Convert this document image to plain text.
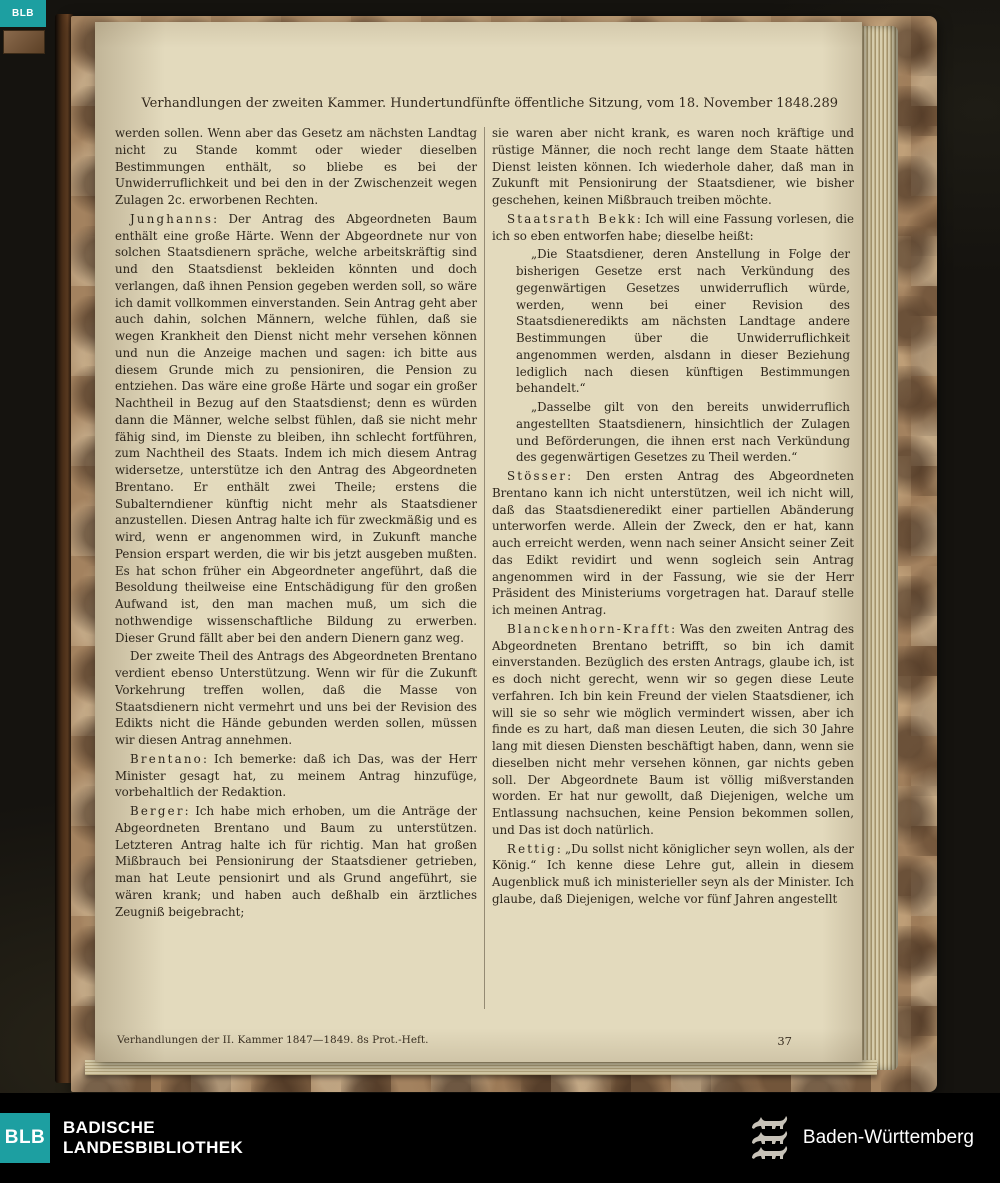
BLB
Verhandlungen der zweiten Kammer. Hundertundfünfte öffentliche Sitzung, vom 18. November 1848. 289

werden sollen. Wenn aber das Gesetz am nächsten Landtag nicht zu Stande kommt oder wieder dieselben Bestimmungen enthält, so bliebe es bei der Unwiderruflichkeit und bei den in der Zwischenzeit wegen Zulagen 2c. erworbenen Rechten.

Junghanns: Der Antrag des Abgeordneten Baum enthält eine große Härte. Wenn der Abgeordnete nur von solchen Staatsdienern spräche, welche arbeitskräftig sind und den Staatsdienst bekleiden könnten und doch verlangen, daß ihnen Pension gegeben werden soll, so wäre ich damit vollkommen einverstanden. Sein Antrag geht aber auch dahin, solchen Männern, welche fühlen, daß sie wegen Krankheit den Dienst nicht mehr versehen können und nun die Anzeige machen und sagen: ich bitte aus diesem Grunde mich zu pensioniren, die Pension zu entziehen. Das wäre eine große Härte und sogar ein großer Nachtheil in Bezug auf den Staatsdienst; denn es würden dann die Männer, welche selbst fühlen, daß sie nicht mehr fähig sind, im Dienste zu bleiben, ihn schlecht fortführen, zum Nachtheil des Staats. Indem ich mich diesem Antrag widersetze, unterstütze ich den Antrag des Abgeordneten Brentano. Er enthält zwei Theile; erstens die Subalterndiener künftig nicht mehr als Staatsdiener anzustellen. Diesen Antrag halte ich für zweckmäßig und es wird, wenn er angenommen wird, in Zukunft manche Pension erspart werden, die wir bis jetzt ausgeben mußten. Es hat schon früher ein Abgeordneter angeführt, daß die Besoldung theilweise eine Entschädigung für den großen Aufwand ist, den man machen muß, um sich die nothwendige wissenschaftliche Bildung zu erwerben. Dieser Grund fällt aber bei den andern Dienern ganz weg.

Der zweite Theil des Antrags des Abgeordneten Brentano verdient ebenso Unterstützung. Wenn wir für die Zukunft Vorkehrung treffen wollen, daß die Masse von Staatsdienern nicht vermehrt und uns bei der Revision des Edikts nicht die Hände gebunden werden sollen, müssen wir diesen Antrag annehmen.

Brentano: Ich bemerke: daß ich Das, was der Herr Minister gesagt hat, zu meinem Antrag hinzufüge, vorbehaltlich der Redaktion.

Berger: Ich habe mich erhoben, um die Anträge der Abgeordneten Brentano und Baum zu unterstützen. Letzteren Antrag halte ich für richtig. Man hat großen Mißbrauch bei Pensionirung der Staatsdiener getrieben, man hat Leute pensionirt und als Grund angeführt, sie wären krank; und haben auch deßhalb ein ärztliches Zeugniß beigebracht;

sie waren aber nicht krank, es waren noch kräftige und rüstige Männer, die noch recht lange dem Staate hätten Dienst leisten können. Ich wiederhole daher, daß man in Zukunft mit Pensionirung der Staatsdiener, wie bisher geschehen, keinen Mißbrauch treiben möchte.

Staatsrath Bekk: Ich will eine Fassung vorlesen, die ich so eben entworfen habe; dieselbe heißt:

„Die Staatsdiener, deren Anstellung in Folge der bisherigen Gesetze erst nach Verkündung des gegenwärtigen Gesetzes unwiderruflich würde, werden, wenn bei einer Revision des Staatsdieneredikts am nächsten Landtage andere Bestimmungen über die Unwiderruflichkeit angenommen werden, alsdann in dieser Beziehung lediglich nach diesen künftigen Bestimmungen behandelt.“

„Dasselbe gilt von den bereits unwiderruflich angestellten Staatsdienern, hinsichtlich der Zulagen und Beförderungen, die ihnen erst nach Verkündung des gegenwärtigen Gesetzes zu Theil werden.“

Stösser: Den ersten Antrag des Abgeordneten Brentano kann ich nicht unterstützen, weil ich nicht will, daß das Staatsdieneredikt einer partiellen Abänderung unterworfen werde. Allein der Zweck, den er hat, kann auch erreicht werden, wenn nach seiner Ansicht seiner Zeit das Edikt revidirt und wenn sogleich sein Antrag angenommen wird in der Fassung, wie sie der Herr Präsident des Ministeriums vorgetragen hat. Darauf stelle ich meinen Antrag.

Blanckenhorn-Krafft: Was den zweiten Antrag des Abgeordneten Brentano betrifft, so bin ich damit einverstanden. Bezüglich des ersten Antrags, glaube ich, ist es doch nicht gerecht, wenn wir so gegen diese Leute verfahren. Ich bin kein Freund der vielen Staatsdiener, ich will sie so sehr wie möglich vermindert wissen, aber ich finde es zu hart, daß man diesen Leuten, die sich 30 Jahre lang mit diesen Diensten beschäftigt haben, dann, wenn sie dieselben nicht mehr versehen können, gar nichts geben soll. Der Abgeordnete Baum ist völlig mißverstanden worden. Er hat nur gewollt, daß Diejenigen, welche um Entlassung nachsuchen, keine Pension bekommen sollen, und Das ist doch natürlich.

Rettig: „Du sollst nicht königlicher seyn wollen, als der König.“ Ich kenne diese Lehre gut, allein in diesem Augenblick muß ich ministerieller seyn als der Minister. Ich glaube, daß Diejenigen, welche vor fünf Jahren angestellt

Verhandlungen der II. Kammer 1847—1849. 8s Prot.-Heft.	37
BLB BADISCHE
LANDESBIBLIOTHEK	Baden-Württemberg
